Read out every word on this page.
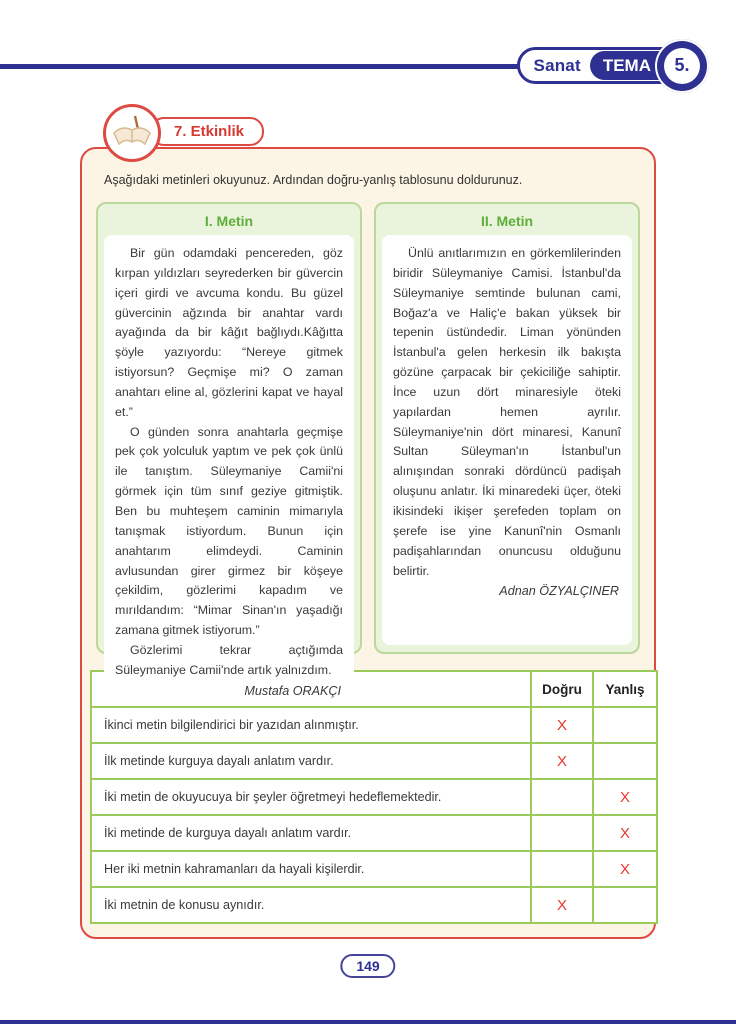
Sanat	TEMA	5.
7. Etkinlik
Aşağıdaki metinleri okuyunuz. Ardından doğru-yanlış tablosunu doldurunuz.
I. Metin

Bir gün odamdaki pencereden, göz kırpan yıldızları seyrederken bir güvercin içeri girdi ve avcuma kondu. Bu güzel güvercinin ağzında bir anahtar vardı ayağında da bir kâğıt bağlıydı.Kâğıtta şöyle yazıyordu: “Nereye gitmek istiyorsun? Geçmişe mi? O zaman anahtarı eline al, gözlerini kapat ve hayal et.”

O günden sonra anahtarla geçmişe pek çok yolculuk yaptım ve pek çok ünlü ile tanıştım. Süleymaniye Camii'ni görmek için tüm sınıf geziye gitmiştik. Ben bu muhteşem caminin mimarıyla tanışmak istiyordum. Bunun için anahtarım elimdeydi. Caminin avlusundan girer girmez bir köşeye çekildim, gözlerimi kapadım ve mırıldandım: “Mimar Sinan'ın yaşadığı zamana gitmek istiyorum.”

Gözlerimi tekrar açtığımda Süleymaniye Camii'nde artık yalnızdım.

Mustafa ORAKÇI
II. Metin

Ünlü anıtlarımızın en görkemlilerinden biridir Süleymaniye Camisi. İstanbul'da Süleymaniye semtinde bulunan cami, Boğaz'a ve Haliç'e bakan yüksek bir tepenin üstündedir. Liman yönünden İstanbul'a gelen herkesin ilk bakışta gözüne çarpacak bir çekiciliğe sahiptir. İnce uzun dört minaresiyle öteki yapılardan hemen ayrılır. Süleymaniye'nin dört minaresi, Kanunî Sultan Süleyman'ın İstanbul'un alınışından sonraki dördüncü padişah oluşunu anlatır. İki minaredeki üçer, öteki ikisindeki ikişer şerefeden toplam on şerefe ise yine Kanunî'nin Osmanlı padişahlarından onuncusu olduğunu belirtir.

Adnan ÖZYALÇINER
	Doğru	Yanlış
İkinci metin bilgilendirici bir yazıdan alınmıştır.	X	
İlk metinde kurguya dayalı anlatım vardır.	X	
İki metin de okuyucuya bir şeyler öğretmeyi hedeflemektedir.		X
İki metinde de kurguya dayalı anlatım vardır.		X
Her iki metnin kahramanları da hayali kişilerdir.		X
İki metnin de konusu aynıdır.	X	
149
